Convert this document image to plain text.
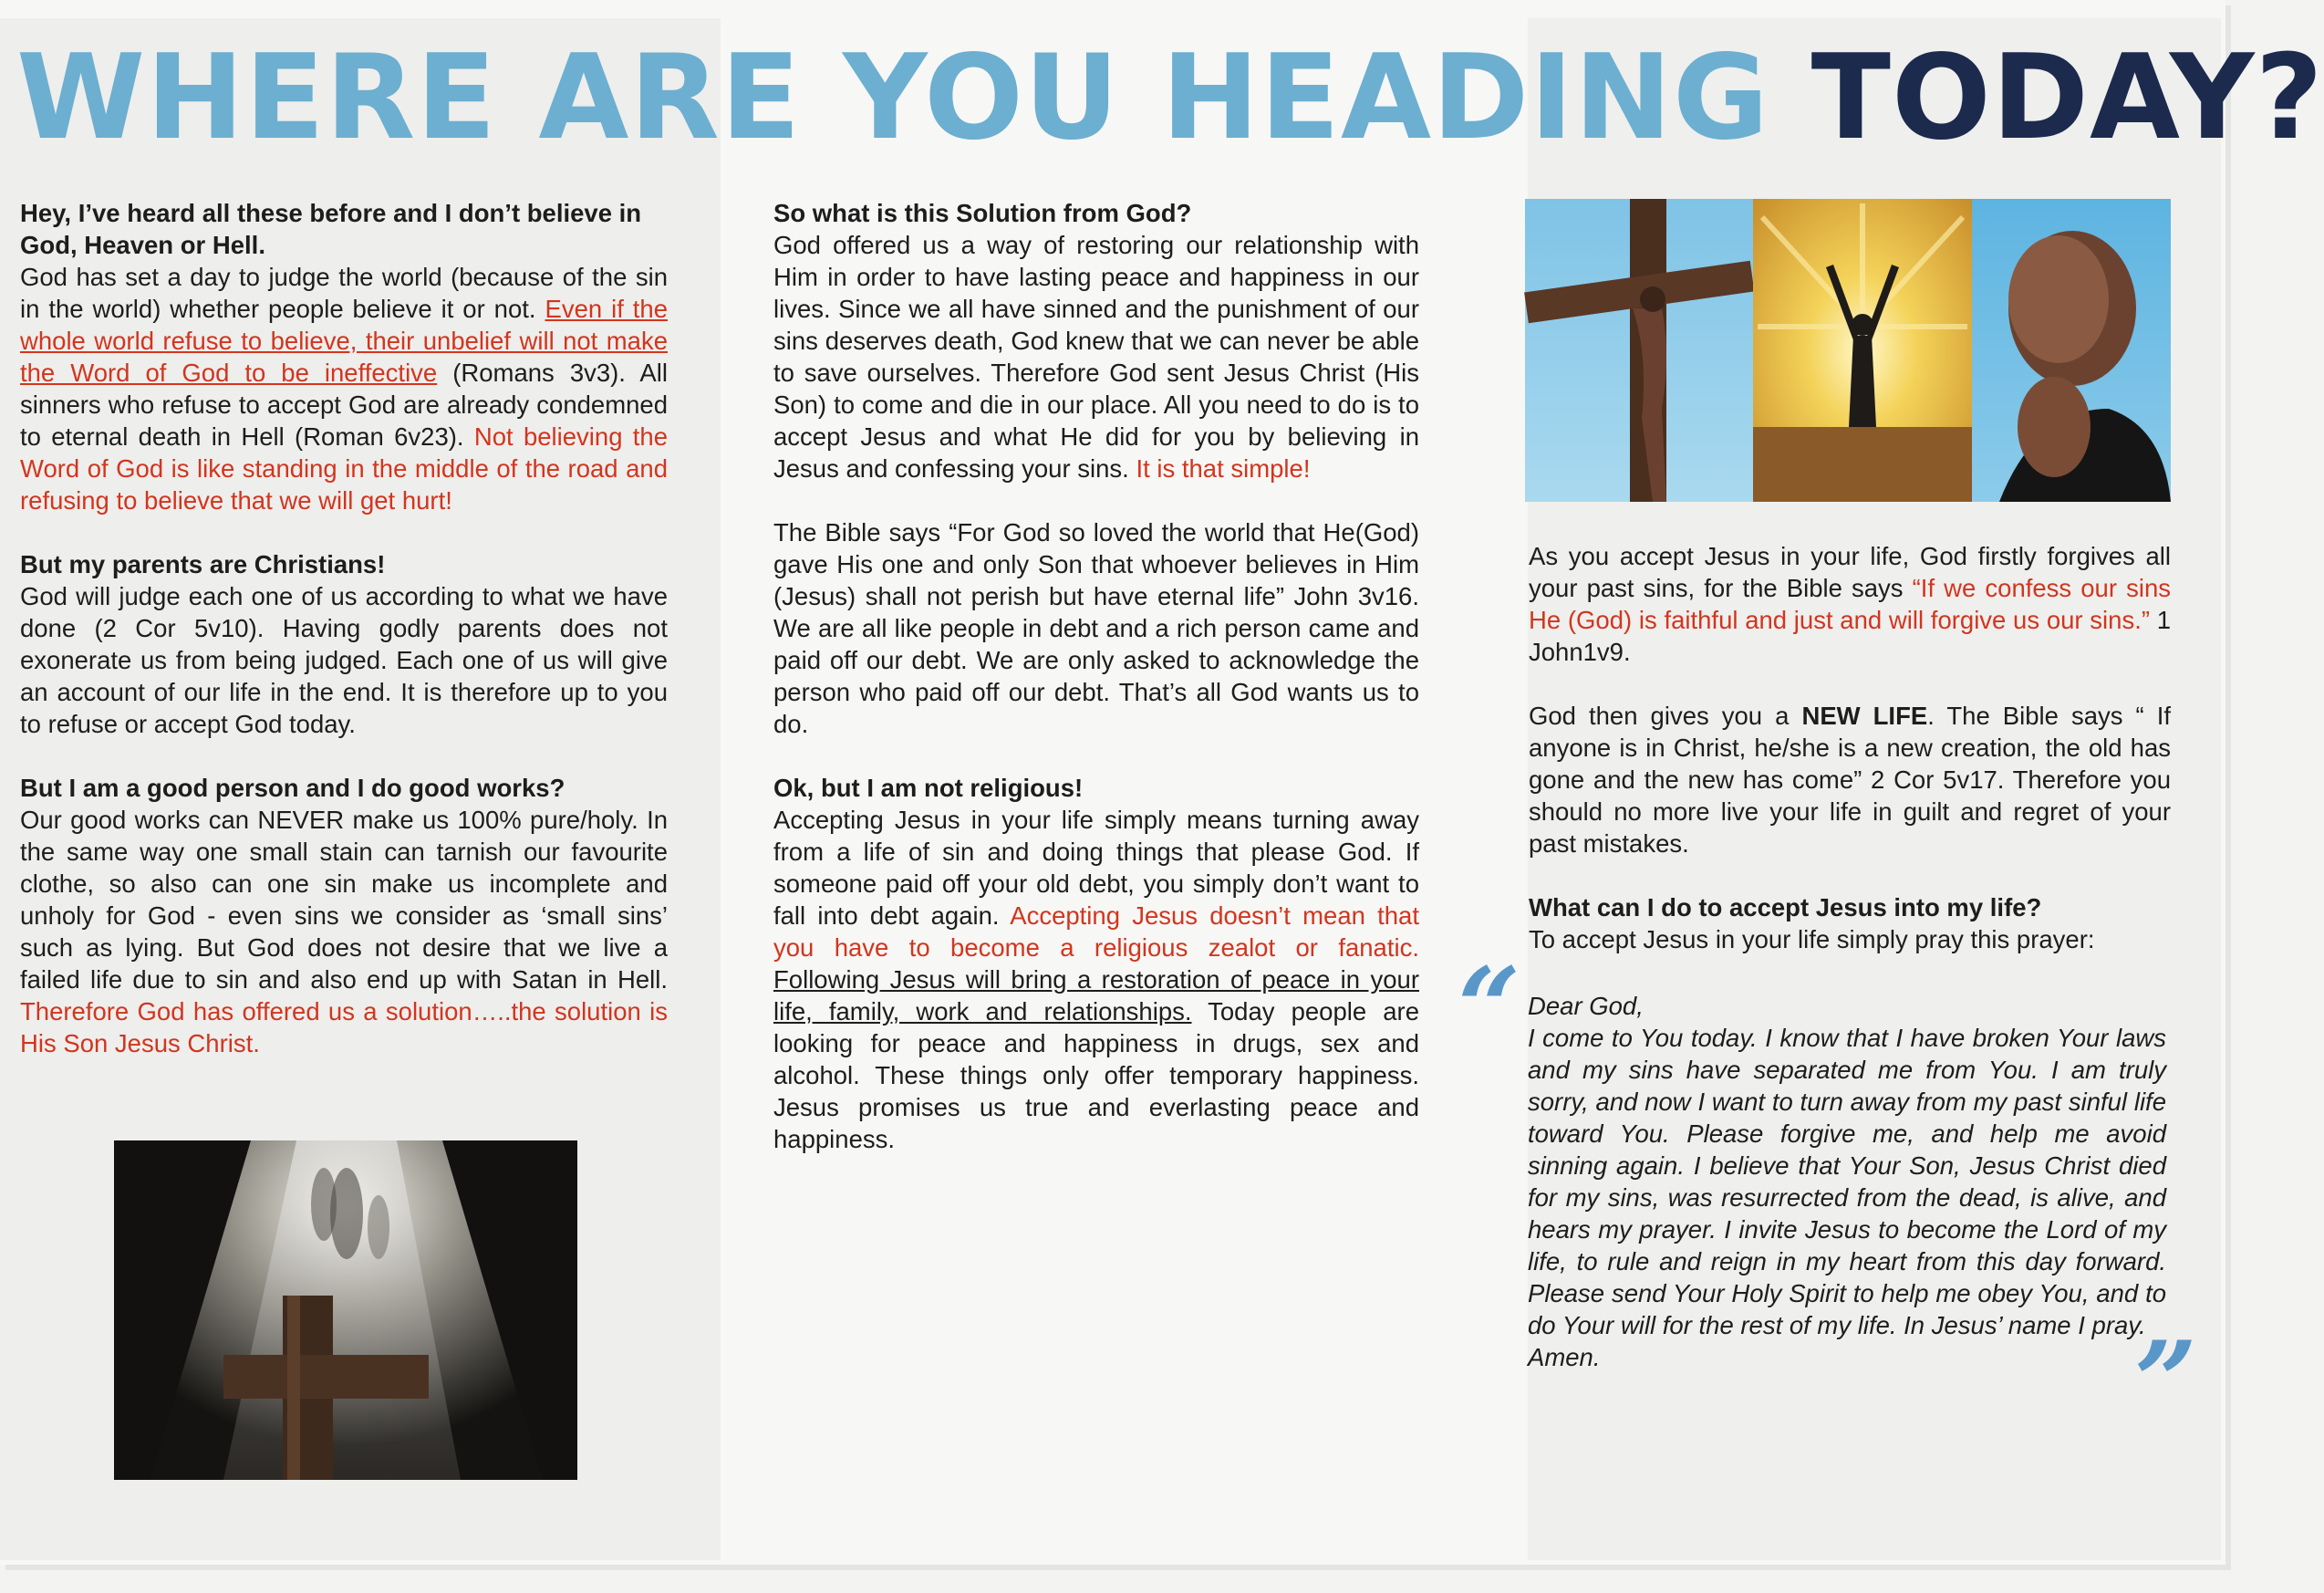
WHERE ARE YOU HEADING TODAY?
Hey, I’ve heard all these before and I don’t believe in God, Heaven or Hell.

God has set a day to judge the world (because of the sin in the world) whether people believe it or not. Even if the whole world refuse to believe, their unbelief will not make the Word of God to be ineffective (Romans 3v3). All sinners who refuse to accept God are already condemned to eternal death in Hell (Roman 6v23). Not believing the Word of God is like standing in the middle of the road and refusing to believe that we will get hurt!

But my parents are Christians!

God will judge each one of us according to what we have done (2 Cor 5v10). Having godly parents does not exonerate us from being judged. Each one of us will give an account of our life in the end. It is therefore up to you to refuse or accept God today.

But I am a good person and I do good works?

Our good works can NEVER make us 100% pure/holy. In the same way one small stain can tarnish our favourite clothe, so also can one sin make us incomplete and unholy for God - even sins we consider as ‘small sins’ such as lying. But God does not desire that we live a failed life due to sin and also end up with Satan in Hell. Therefore God has offered us a solution…..the solution is His Son Jesus Christ.

So what is this Solution from God?

God offered us a way of restoring our relationship with Him in order to have lasting peace and happiness in our lives. Since we all have sinned and the punishment of our sins deserves death, God knew that we can never be able to save ourselves. Therefore God sent Jesus Christ (His Son) to come and die in our place. All you need to do is to accept Jesus and what He did for you by believing in Jesus and confessing your sins. It is that simple!

The Bible says “For God so loved the world that He(God) gave His one and only Son that whoever believes in Him (Jesus) shall not perish but have eternal life” John 3v16. We are all like people in debt and a rich person came and paid off our debt. We are only asked to acknowledge the person who paid off our debt. That’s all God wants us to do.

Ok, but I am not religious!

Accepting Jesus in your life simply means turning away from a life of sin and doing things that please God. If someone paid off your old debt, you simply don’t want to fall into debt again. Accepting Jesus doesn’t mean that you have to become a religious zealot or fanatic. Following Jesus will bring a restoration of peace in your life, family, work and relationships. Today people are looking for peace and happiness in drugs, sex and alcohol. These things only offer temporary happiness. Jesus promises us true and everlasting peace and happiness.

As you accept Jesus in your life, God firstly forgives all your past sins, for the Bible says “If we confess our sins He (God) is faithful and just and will forgive us our sins.” 1 John1v9.

God then gives you a NEW LIFE. The Bible says “ If anyone is in Christ, he/she is a new creation, the old has gone and the new has come” 2 Cor 5v17. Therefore you should no more live your life in guilt and regret of your past mistakes.

What can I do to accept Jesus into my life?

To accept Jesus in your life simply pray this prayer:

“ Dear God,
I come to You today. I know that I have broken Your laws and my sins have separated me from You. I am truly sorry, and now I want to turn away from my past sinful life toward You. Please forgive me, and help me avoid sinning again. I believe that Your Son, Jesus Christ died for my sins, was resurrected from the dead, is alive, and hears my prayer. I invite Jesus to become the Lord of my life, to rule and reign in my heart from this day forward. Please send Your Holy Spirit to help me obey You, and to do Your will for the rest of my life. In Jesus’ name I pray.
Amen.	”
